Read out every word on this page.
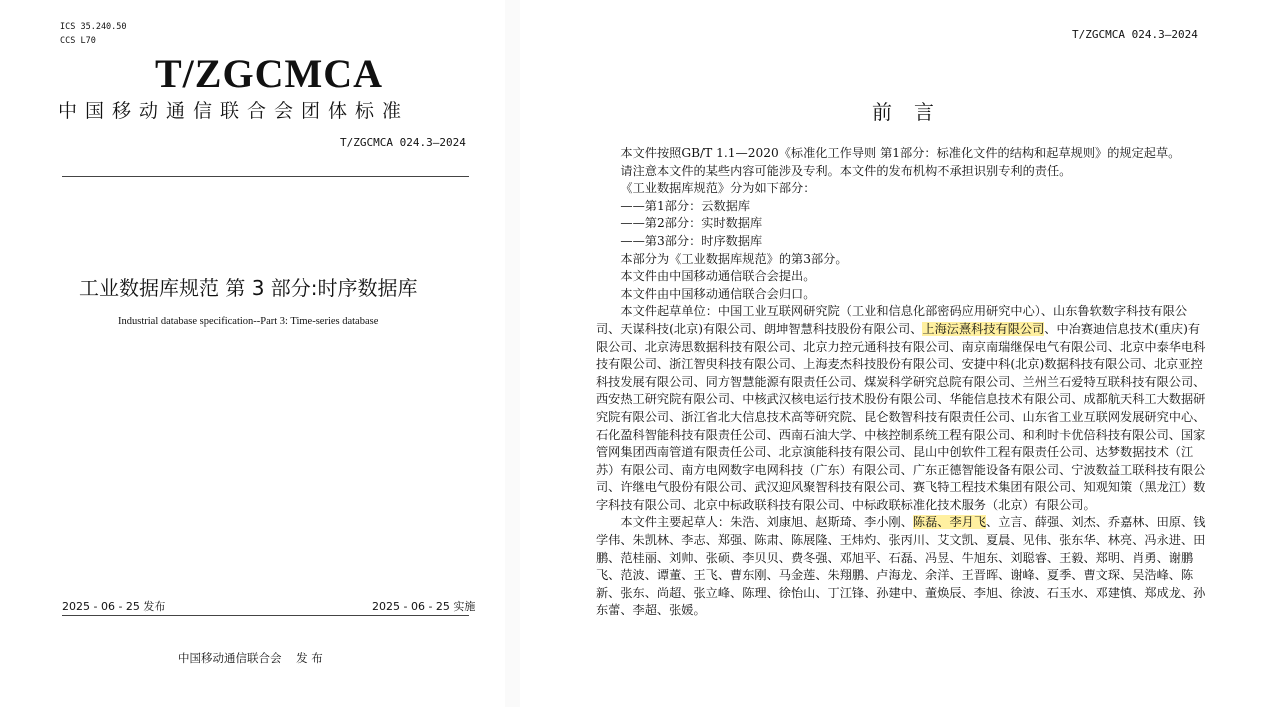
ICS 35.240.50
CCS L70
T/ZGCMCA
中国移动通信联合会团体标准
T/ZGCMCA 024.3—2024
工业数据库规范 第 3 部分:时序数据库
Industrial database specification--Part 3: Time-series database
2025 - 06 - 25 发布	2025 - 06 - 25 实施
中国移动通信联合会    发 布
T/ZGCMCA 024.3—2024
前言

本文件按照GB/T 1.1—2020《标准化工作导则 第1部分：标准化文件的结构和起草规则》的规定起草。

请注意本文件的某些内容可能涉及专利。本文件的发布机构不承担识别专利的责任。

《工业数据库规范》分为如下部分：

——第1部分：云数据库

——第2部分：实时数据库

——第3部分：时序数据库

本部分为《工业数据库规范》的第3部分。

本文件由中国移动通信联合会提出。

本文件由中国移动通信联合会归口。

本文件起草单位：中国工业互联网研究院（工业和信息化部密码应用研究中心）、山东鲁软数字科技有限公司、天谋科技(北京)有限公司、朗坤智慧科技股份有限公司、上海沄熹科技有限公司、中冶赛迪信息技术(重庆)有限公司、北京涛思数据科技有限公司、北京力控元通科技有限公司、南京南瑞继保电气有限公司、北京中泰华电科技有限公司、浙江智臾科技有限公司、上海麦杰科技股份有限公司、安捷中科(北京)数据科技有限公司、北京亚控科技发展有限公司、同方智慧能源有限责任公司、煤炭科学研究总院有限公司、兰州兰石爱特互联科技有限公司、西安热工研究院有限公司、中核武汉核电运行技术股份有限公司、华能信息技术有限公司、成都航天科工大数据研究院有限公司、浙江省北大信息技术高等研究院、昆仑数智科技有限责任公司、山东省工业互联网发展研究中心、石化盈科智能科技有限责任公司、西南石油大学、中核控制系统工程有限公司、和利时卡优倍科技有限公司、国家管网集团西南管道有限责任公司、北京演能科技有限公司、昆山中创软件工程有限责任公司、达梦数据技术（江苏）有限公司、南方电网数字电网科技（广东）有限公司、广东正德智能设备有限公司、宁波数益工联科技有限公司、许继电气股份有限公司、武汉迎风聚智科技有限公司、赛飞特工程技术集团有限公司、知观知策（黑龙江）数字科技有限公司、北京中标政联科技有限公司、中标政联标准化技术服务（北京）有限公司。

本文件主要起草人：朱浩、刘康旭、赵斯琦、李小刚、陈磊、李月飞、立言、薛强、刘杰、乔嘉林、田原、钱学伟、朱凯林、李志、郑强、陈肃、陈展隆、王炜灼、张丙川、艾文凯、夏晨、见伟、张东华、林亮、冯永进、田鹏、范桂丽、刘帅、张硕、李贝贝、费冬强、邓旭平、石磊、冯昱、牛旭东、刘聪睿、王毅、郑明、肖勇、谢鹏飞、范波、谭董、王飞、曹东刚、马金莲、朱翔鹏、卢海龙、余洋、王晋晖、谢峰、夏季、曹文琛、吴浩峰、陈新、张东、尚超、张立峰、陈理、徐怡山、丁江锋、孙建中、董焕辰、李旭、徐波、石玉水、邓建慎、郑成龙、孙东蕾、李超、张媛。
